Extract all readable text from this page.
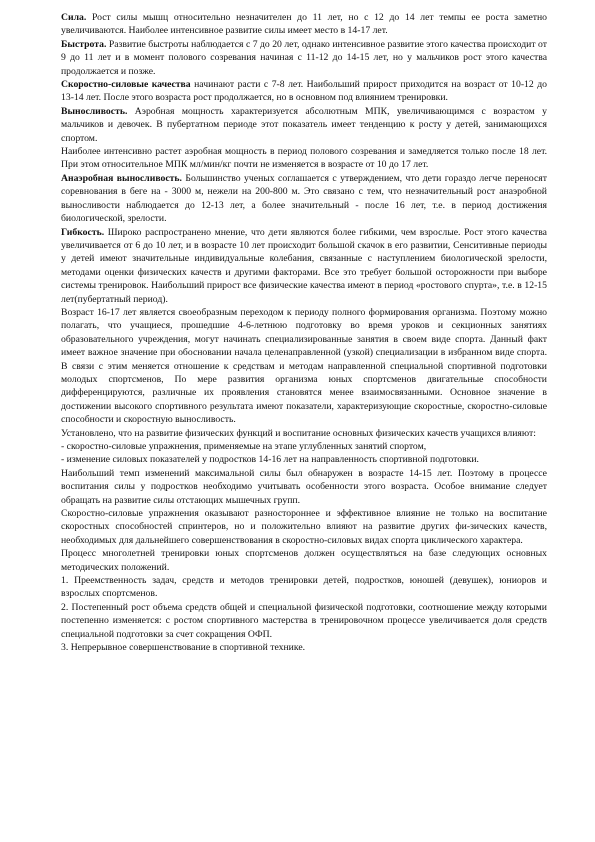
Сила. Рост силы мышц относительно незначителен до 11 лет, но с 12 до 14 лет темпы ее роста заметно увеличиваются. Наиболее интенсивное развитие силы имеет место в 14-17 лет.

Быстрота. Развитие быстроты наблюдается с 7 до 20 лет, однако интенсивное развитие этого качества происходит от 9 до 11 лет и в момент полового созревания начиная с 11-12 до 14-15 лет, но у мальчиков рост этого качества продолжается и позже.

Скоростно-силовые качества начинают расти с 7-8 лет. Наибольший прирост приходится на возраст от 10-12 до 13-14 лет. После этого возраста рост продолжается, но в основном под влиянием тренировки.

Выносливость. Аэробная мощность характеризуется абсолютным МПК, увеличивающимся с возрастом у мальчиков и девочек. В пубертатном периоде этот показатель имеет тенденцию к росту у детей, занимающихся спортом.

Наиболее интенсивно растет аэробная мощность в период полового созревания и замедляется только после 18 лет. При этом относительное МПК мл/мин/кг почти не изменяется в возрасте от 10 до 17 лет.

Анаэробная выносливость. Большинство ученых соглашается с утверждением, что дети гораздо легче переносят соревнования в беге на - 3000 м, нежели на 200-800 м. Это связано с тем, что незначительный рост анаэробной выносливости наблюдается до 12-13 лет, а более значительный - после 16 лет, т.е. в период достижения биологической, зрелости.

Гибкость. Широко распространено мнение, что дети являются более гибкими, чем взрослые. Рост этого качества увеличивается от 6 до 10 лет, и в возрасте 10 лет происходит большой скачок в его развитии, Сенситивные периоды у детей имеют значительные индивидуальные колебания, связанные с наступлением биологической зрелости, методами оценки физических качеств и другими факторами. Все это требует большой осторожности при выборе системы тренировок. Наибольший прирост все физические качества имеют в период «ростового спурта», т.е. в 12-15 лет(пубертатный период).

Возраст 16-17 лет является своеобразным переходом к периоду полного формирования организма. Поэтому можно полагать, что учащиеся, прошедшие 4-6-летнюю подготовку во время уроков и секционных занятиях образовательного учреждения, могут начинать специализированные занятия в своем виде спорта. Данный факт имеет важное значение при обосновании начала целенаправленной (узкой) специализации в избранном виде спорта. В связи с этим меняется отношение к средствам и методам направленной специальной спортивной подготовки молодых спортсменов, По мере развития организма юных спортсменов двигательные способности дифференцируются, различные их проявления становятся менее взаимосвязанными. Основное значение в достижении высокого спортивного результата имеют показатели, характеризующие скоростные, скоростно-силовые способности и скоростную выносливость.

Установлено, что на развитие физических функций и воспитание основных физических качеств учащихся влияют:

- скоростно-силовые упражнения, применяемые на этапе углубленных занятий спортом,

- изменение силовых показателей у подростков 14-16 лет на направленность спортивной подготовки.

Наибольший темп изменений максимальной силы был обнаружен в возрасте 14-15 лет. Поэтому в процессе воспитания силы у подростков необходимо учитывать особенности этого возраста. Особое внимание следует обращать на развитие силы отстающих мышечных групп.

Скоростно-силовые упражнения оказывают разностороннее и эффективное влияние не только на воспитание скоростных способностей спринтеров, но и положительно влияют на развитие других фи-зических качеств, необходимых для дальнейшего совершенствования в скоростно-силовых видах спорта циклического характера.

Процесс многолетней тренировки юных спортсменов должен осуществляться на базе следующих основных методических положений.

1. Преемственность задач, средств и методов тренировки детей, подростков, юношей (девушек), юниоров и взрослых спортсменов.

2. Постепенный рост объема средств общей и специальной физической подготовки, соотношение между которыми постепенно изменяется: с ростом спортивного мастерства в тренировочном процессе увеличивается доля средств специальной подготовки за счет сокращения ОФП.

3. Непрерывное совершенствование в спортивной технике.
